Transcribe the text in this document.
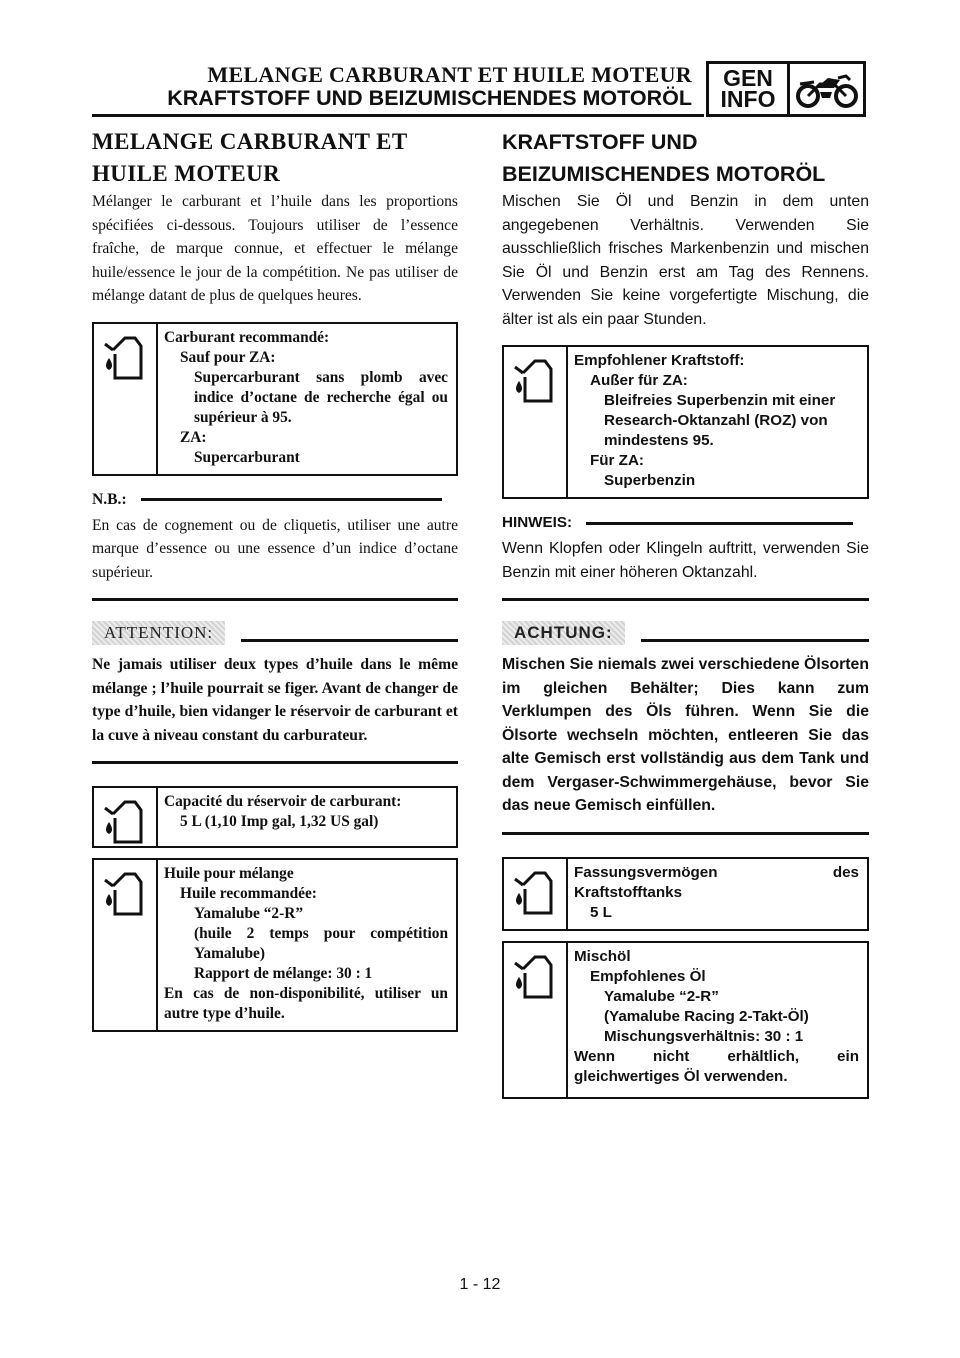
MELANGE CARBURANT ET HUILE MOTEUR
KRAFTSTOFF UND BEIZUMISCHENDES MOTORÖL
GEN
INFO
MELANGE CARBURANT ET
HUILE MOTEUR

Mélanger le carburant et l’huile dans les proportions spécifiées ci-dessous. Toujours utiliser de l’essence fraîche, de marque connue, et effectuer le mélange huile/essence le jour de la compétition. Ne pas utiliser de mélange datant de plus de quelques heures.

Carburant recommandé:
Sauf pour ZA:
Supercarburant sans plomb avec indice d’octane de recherche égal ou supérieur à 95.
ZA:
Supercarburant
N.B.:

En cas de cognement ou de cliquetis, utiliser une autre marque d’essence ou une essence d’un indice d’octane supérieur.

ATTENTION:

Ne jamais utiliser deux types d’huile dans le même mélange ; l’huile pourrait se figer. Avant de changer de type d’huile, bien vidanger le réservoir de carburant et la cuve à niveau constant du carburateur.

Capacité du réservoir de carburant:
5 L (1,10 Imp gal, 1,32 US gal)
Huile pour mélange
Huile recommandée:
Yamalube “2-R”
(huile 2 temps pour compétition Yamalube)
Rapport de mélange: 30 : 1
En cas de non-disponibilité, utiliser un autre type d’huile.
KRAFTSTOFF UND
BEIZUMISCHENDES MOTORÖL

Mischen Sie Öl und Benzin in dem unten angegebenen Verhältnis. Verwenden Sie ausschließlich frisches Markenbenzin und mischen Sie Öl und Benzin erst am Tag des Rennens. Verwenden Sie keine vorgefertigte Mischung, die älter ist als ein paar Stunden.

Empfohlener Kraftstoff:
Außer für ZA:
Bleifreies Superbenzin mit einer Research-Oktanzahl (ROZ) von mindestens 95.
Für ZA:
Superbenzin
HINWEIS:

Wenn Klopfen oder Klingeln auftritt, verwenden Sie Benzin mit einer höheren Oktanzahl.

ACHTUNG:

Mischen Sie niemals zwei verschiedene Ölsorten im gleichen Behälter; Dies kann zum Verklumpen des Öls führen. Wenn Sie die Ölsorte wechseln möchten, entleeren Sie das alte Gemisch erst vollständig aus dem Tank und dem Vergaser-Schwimmergehäuse, bevor Sie das neue Gemisch einfüllen.

Fassungsvermögen des Kraftstofftanks
5 L
Mischöl
Empfohlenes Öl
Yamalube “2-R”
(Yamalube Racing 2-Takt-Öl)
Mischungsverhältnis: 30 : 1
Wenn nicht erhältlich, ein gleichwertiges Öl verwenden.
1 - 12
